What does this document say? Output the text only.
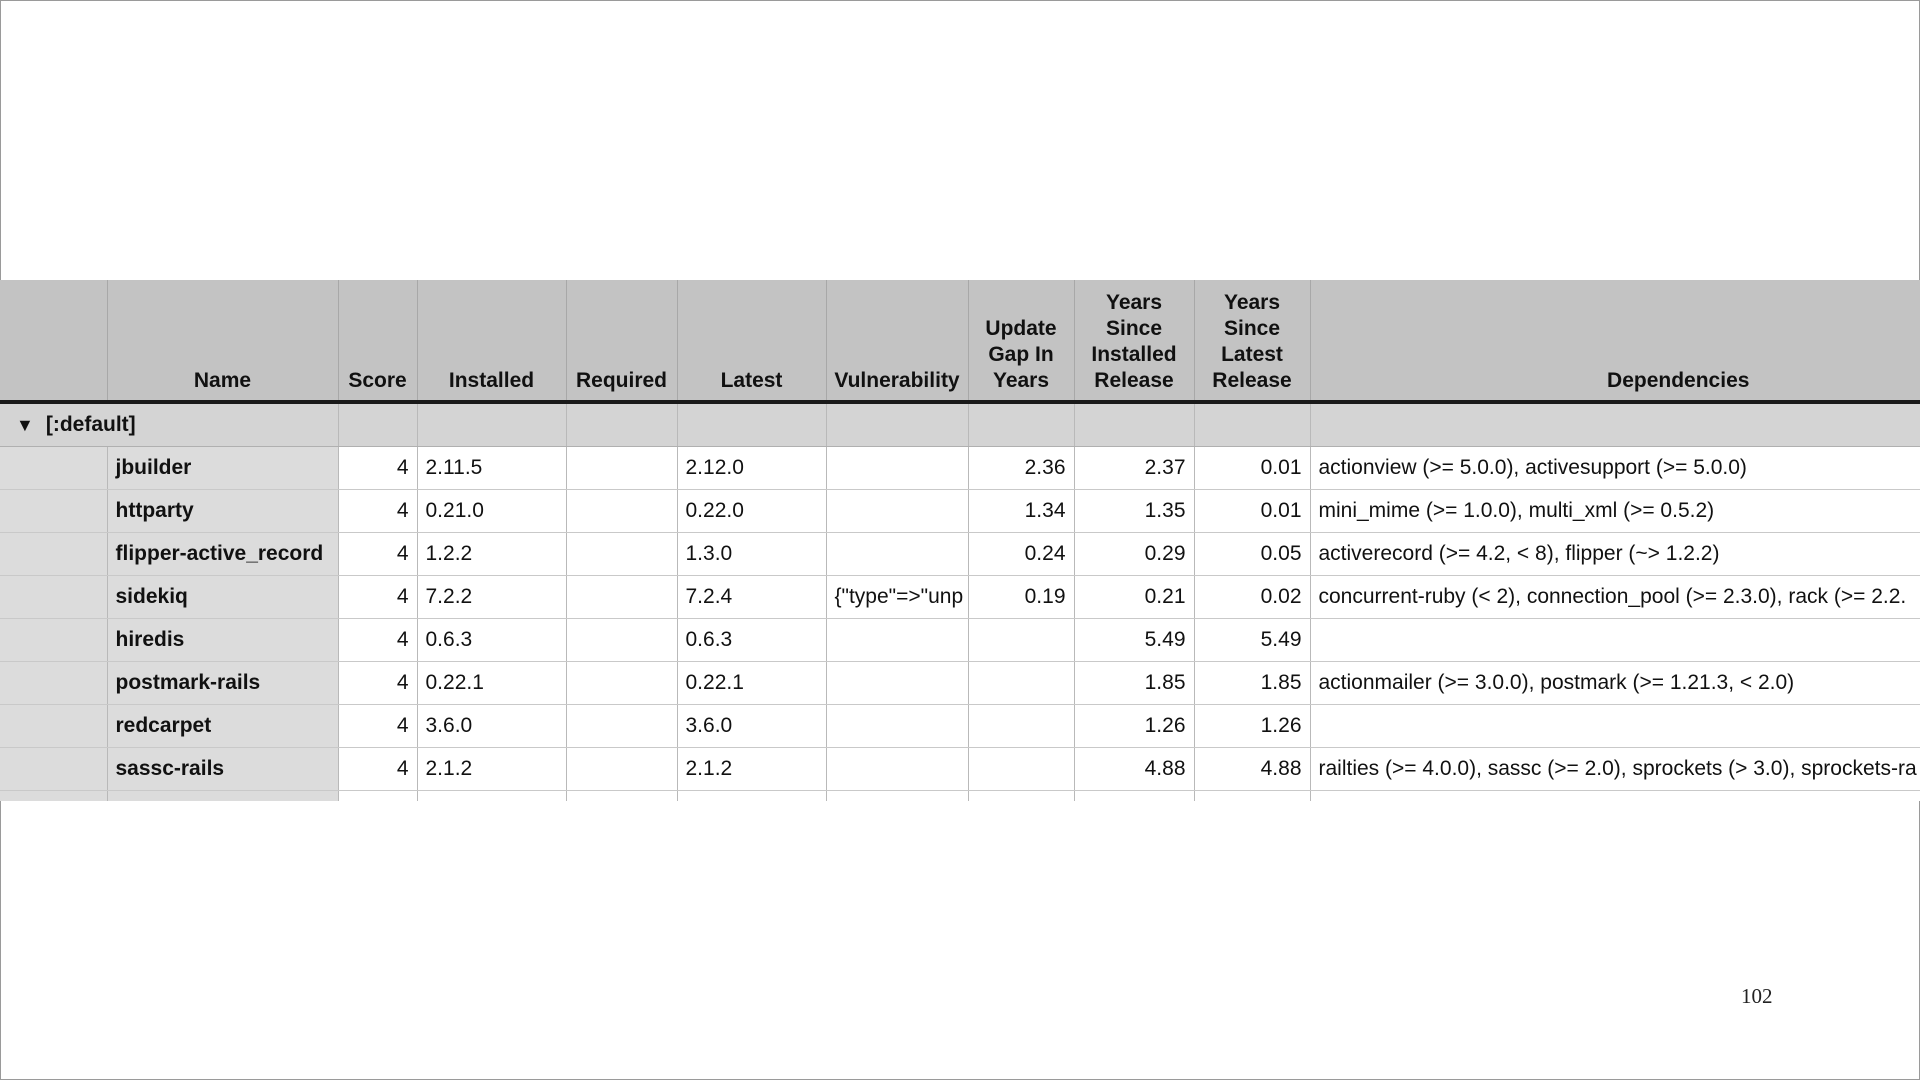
	Name	Score	Installed	Required	Latest	Vulnerability	Update Gap In Years	Years Since Installed Release	Years Since Latest Release	Dependencies
▼ [:default]										
	jbuilder	4	2.11.5		2.12.0		2.36	2.37	0.01	actionview (>= 5.0.0), activesupport (>= 5.0.0)
	httparty	4	0.21.0		0.22.0		1.34	1.35	0.01	mini_mime (>= 1.0.0), multi_xml (>= 0.5.2)
	flipper-active_record	4	1.2.2		1.3.0		0.24	0.29	0.05	activerecord (>= 4.2, < 8), flipper (~> 1.2.2)
	sidekiq	4	7.2.2		7.2.4	{"type"=>"unp	0.19	0.21	0.02	concurrent-ruby (< 2), connection_pool (>= 2.3.0), rack (>= 2.2.
	hiredis	4	0.6.3		0.6.3			5.49	5.49	
	postmark-rails	4	0.22.1		0.22.1			1.85	1.85	actionmailer (>= 3.0.0), postmark (>= 1.21.3, < 2.0)
	redcarpet	4	3.6.0		3.6.0			1.26	1.26	
	sassc-rails	4	2.1.2		2.1.2			4.88	4.88	railties (>= 4.0.0), sassc (>= 2.0), sprockets (> 3.0), sprockets-ra

102
